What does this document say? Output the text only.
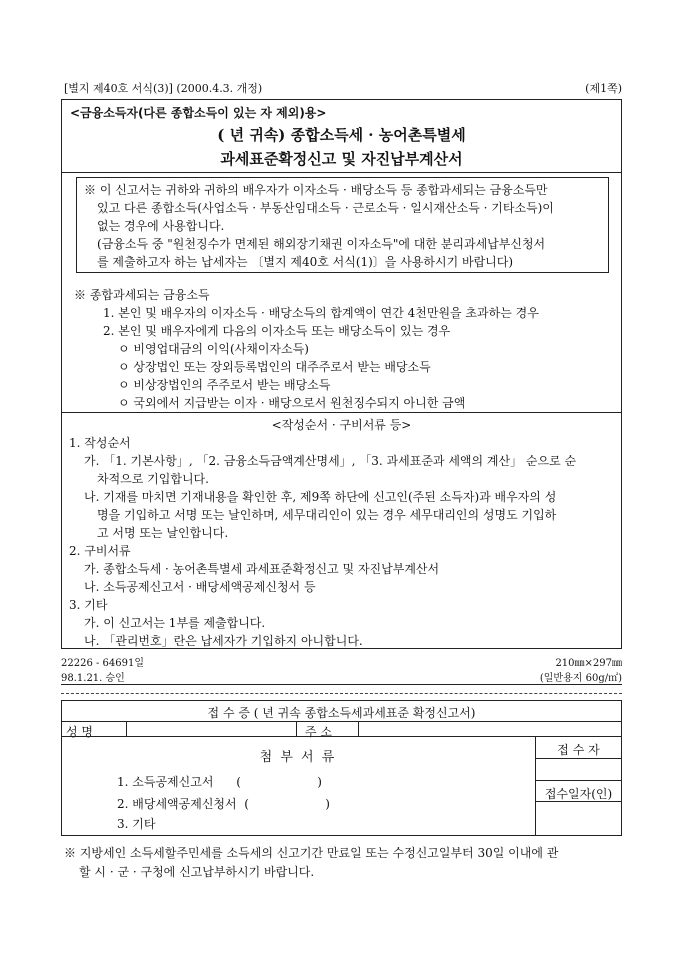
[별지 제40호 서식(3)] (2000.4.3. 개정)	(제1쪽)
<금융소득자(다른 종합소득이 있는 자 제외)용>
( 년 귀속) 종합소득세 · 농어촌특별세
과세표준확정신고 및 자진납부계산서
※ 이 신고서는 귀하와 귀하의 배우자가 이자소득 · 배당소득 등 종합과세되는 금융소득만
있고 다른 종합소득(사업소득 · 부동산임대소득 · 근로소득 · 일시재산소득 · 기타소득)이
없는 경우에 사용합니다.
(금융소득 중 "원천징수가 면제된 해외장기채권 이자소득"에 대한 분리과세납부신청서
를 제출하고자 하는 납세자는 〔별지 제40호 서식(1)〕을 사용하시기 바랍니다)
※ 종합과세되는 금융소득
1. 본인 및 배우자의 이자소득 · 배당소득의 합계액이 연간 4천만원을 초과하는 경우
2. 본인 및 배우자에게 다음의 이자소득 또는 배당소득이 있는 경우
ㅇ 비영업대금의 이익(사채이자소득)
ㅇ 상장법인 또는 장외등록법인의 대주주로서 받는 배당소득
ㅇ 비상장법인의 주주로서 받는 배당소득
ㅇ 국외에서 지급받는 이자 · 배당으로서 원천징수되지 아니한 금액
<작성순서 · 구비서류 등>
1. 작성순서
가. 「1. 기본사항」, 「2. 금융소득금액계산명세」, 「3. 과세표준과 세액의 계산」 순으로 순
차적으로 기입합니다.
나. 기재를 마치면 기재내용을 확인한 후, 제9쪽 하단에 신고인(주된 소득자)과 배우자의 성
명을 기입하고 서명 또는 날인하며, 세무대리인이 있는 경우 세무대리인의 성명도 기입하
고 서명 또는 날인합니다.
2. 구비서류
가. 종합소득세 · 농어촌특별세 과세표준확정신고 및 자진납부계산서
나. 소득공제신고서 · 배당세액공제신청서 등
3. 기타
가. 이 신고서는 1부를 제출합니다.
나. 「관리번호」란은 납세자가 기입하지 아니합니다.
22226 - 64691일
98.1.21. 승인
210㎜×297㎜
(일반용지 60g/㎡)
접 수 증 ( 년 귀속 종합소득세과세표준 확정신고서)
성 명	주 소
첨 부 서 류
1. 소득공제신고서      (                    )
2. 배당세액공제신청서  (                    )
3. 기타
접 수 자
접수일자(인)
※ 지방세인 소득세할주민세를 소득세의 신고기간 만료일 또는 수정신고일부터 30일 이내에 관
할 시 · 군 · 구청에 신고납부하시기 바랍니다.
